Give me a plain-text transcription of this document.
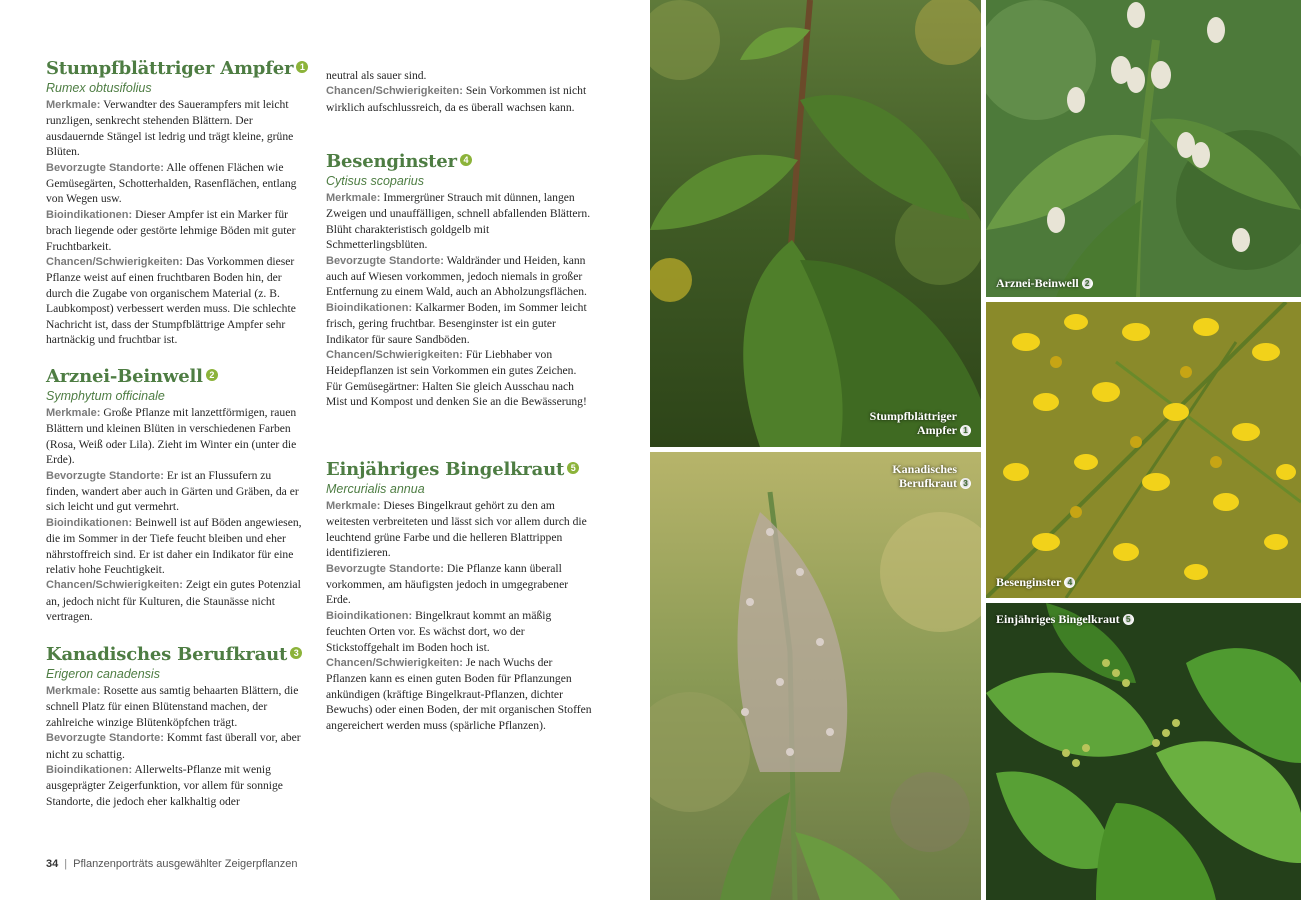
Stumpfblättriger Ampfer 1

Rumex obtusifolius

Merkmale: Verwandter des Sauerampfers mit leicht runzligen, senkrecht stehenden Blättern. Der ausdauernde Stängel ist ledrig und trägt kleine, grüne Blüten.

Bevorzugte Standorte: Alle offenen Flächen wie Gemüsegärten, Schotterhalden, Rasenflächen, entlang von Wegen usw.

Bioindikationen: Dieser Ampfer ist ein Marker für brach liegende oder gestörte lehmige Böden mit guter Fruchtbarkeit.

Chancen/Schwierigkeiten: Das Vorkommen dieser Pflanze weist auf einen fruchtbaren Boden hin, der durch die Zugabe von organischem Material (z. B. Laubkompost) verbessert werden muss. Die schlechte Nachricht ist, dass der Stumpfblättrige Ampfer sehr hartnäckig und fruchtbar ist.

Arznei-Beinwell 2

Symphytum officinale

Merkmale: Große Pflanze mit lanzettförmigen, rauen Blättern und kleinen Blüten in verschiedenen Farben (Rosa, Weiß oder Lila). Zieht im Winter ein (unter die Erde).

Bevorzugte Standorte: Er ist an Flussufern zu finden, wandert aber auch in Gärten und Gräben, da er sich leicht und gut vermehrt.

Bioindikationen: Beinwell ist auf Böden angewiesen, die im Sommer in der Tiefe feucht bleiben und eher nährstoffreich sind. Er ist daher ein Indikator für eine relativ hohe Feuchtigkeit.

Chancen/Schwierigkeiten: Zeigt ein gutes Potenzial an, jedoch nicht für Kulturen, die Staunässe nicht vertragen.

Kanadisches Berufkraut 3

Erigeron canadensis

Merkmale: Rosette aus samtig behaarten Blättern, die schnell Platz für einen Blütenstand machen, der zahlreiche winzige Blütenköpfchen trägt.

Bevorzugte Standorte: Kommt fast überall vor, aber nicht zu schattig.

Bioindikationen: Allerwelts-Pflanze mit wenig ausgeprägter Zeigerfunktion, vor allem für sonnige Standorte, die jedoch eher kalkhaltig oder

neutral als sauer sind.

Chancen/Schwierigkeiten: Sein Vorkommen ist nicht wirklich aufschlussreich, da es überall wachsen kann.

Besenginster 4

Cytisus scoparius

Merkmale: Immergrüner Strauch mit dünnen, langen Zweigen und unauffälligen, schnell abfallenden Blättern. Blüht charakteristisch goldgelb mit Schmetterlingsblüten.

Bevorzugte Standorte: Waldränder und Heiden, kann auch auf Wiesen vorkommen, jedoch niemals in großer Entfernung zu einem Wald, auch an Abholzungsflächen.

Bioindikationen: Kalkarmer Boden, im Sommer leicht frisch, gering fruchtbar. Besenginster ist ein guter Indikator für saure Sandböden.

Chancen/Schwierigkeiten: Für Liebhaber von Heidepflanzen ist sein Vorkommen ein gutes Zeichen. Für Gemüsegärtner: Halten Sie gleich Ausschau nach Mist und Kompost und denken Sie an die Bewässerung!

Einjähriges Bingelkraut 5

Mercurialis annua

Merkmale: Dieses Bingelkraut gehört zu den am weitesten verbreiteten und lässt sich vor allem durch die leuchtend grüne Farbe und die helleren Blattrippen identifizieren.

Bevorzugte Standorte: Die Pflanze kann überall vorkommen, am häufigsten jedoch in umgegrabener Erde.

Bioindikationen: Bingelkraut kommt an mäßig feuchten Orten vor. Es wächst dort, wo der Stickstoffgehalt im Boden hoch ist.

Chancen/Schwierigkeiten: Je nach Wuchs der Pflanzen kann es einen guten Boden für Pflanzungen ankündigen (kräftige Bingelkraut-Pflanzen, dichter Bewuchs) oder einen Boden, der mit organischen Stoffen angereichert werden muss (spärliche Pflanzen).

34 | Pflanzenporträts ausgewählter Zeigerpflanzen
Stumpfblättriger Ampfer 1
Arznei-Beinwell 2
Kanadisches Berufkraut 3
Besenginster 4
Einjähriges Bingelkraut 5
